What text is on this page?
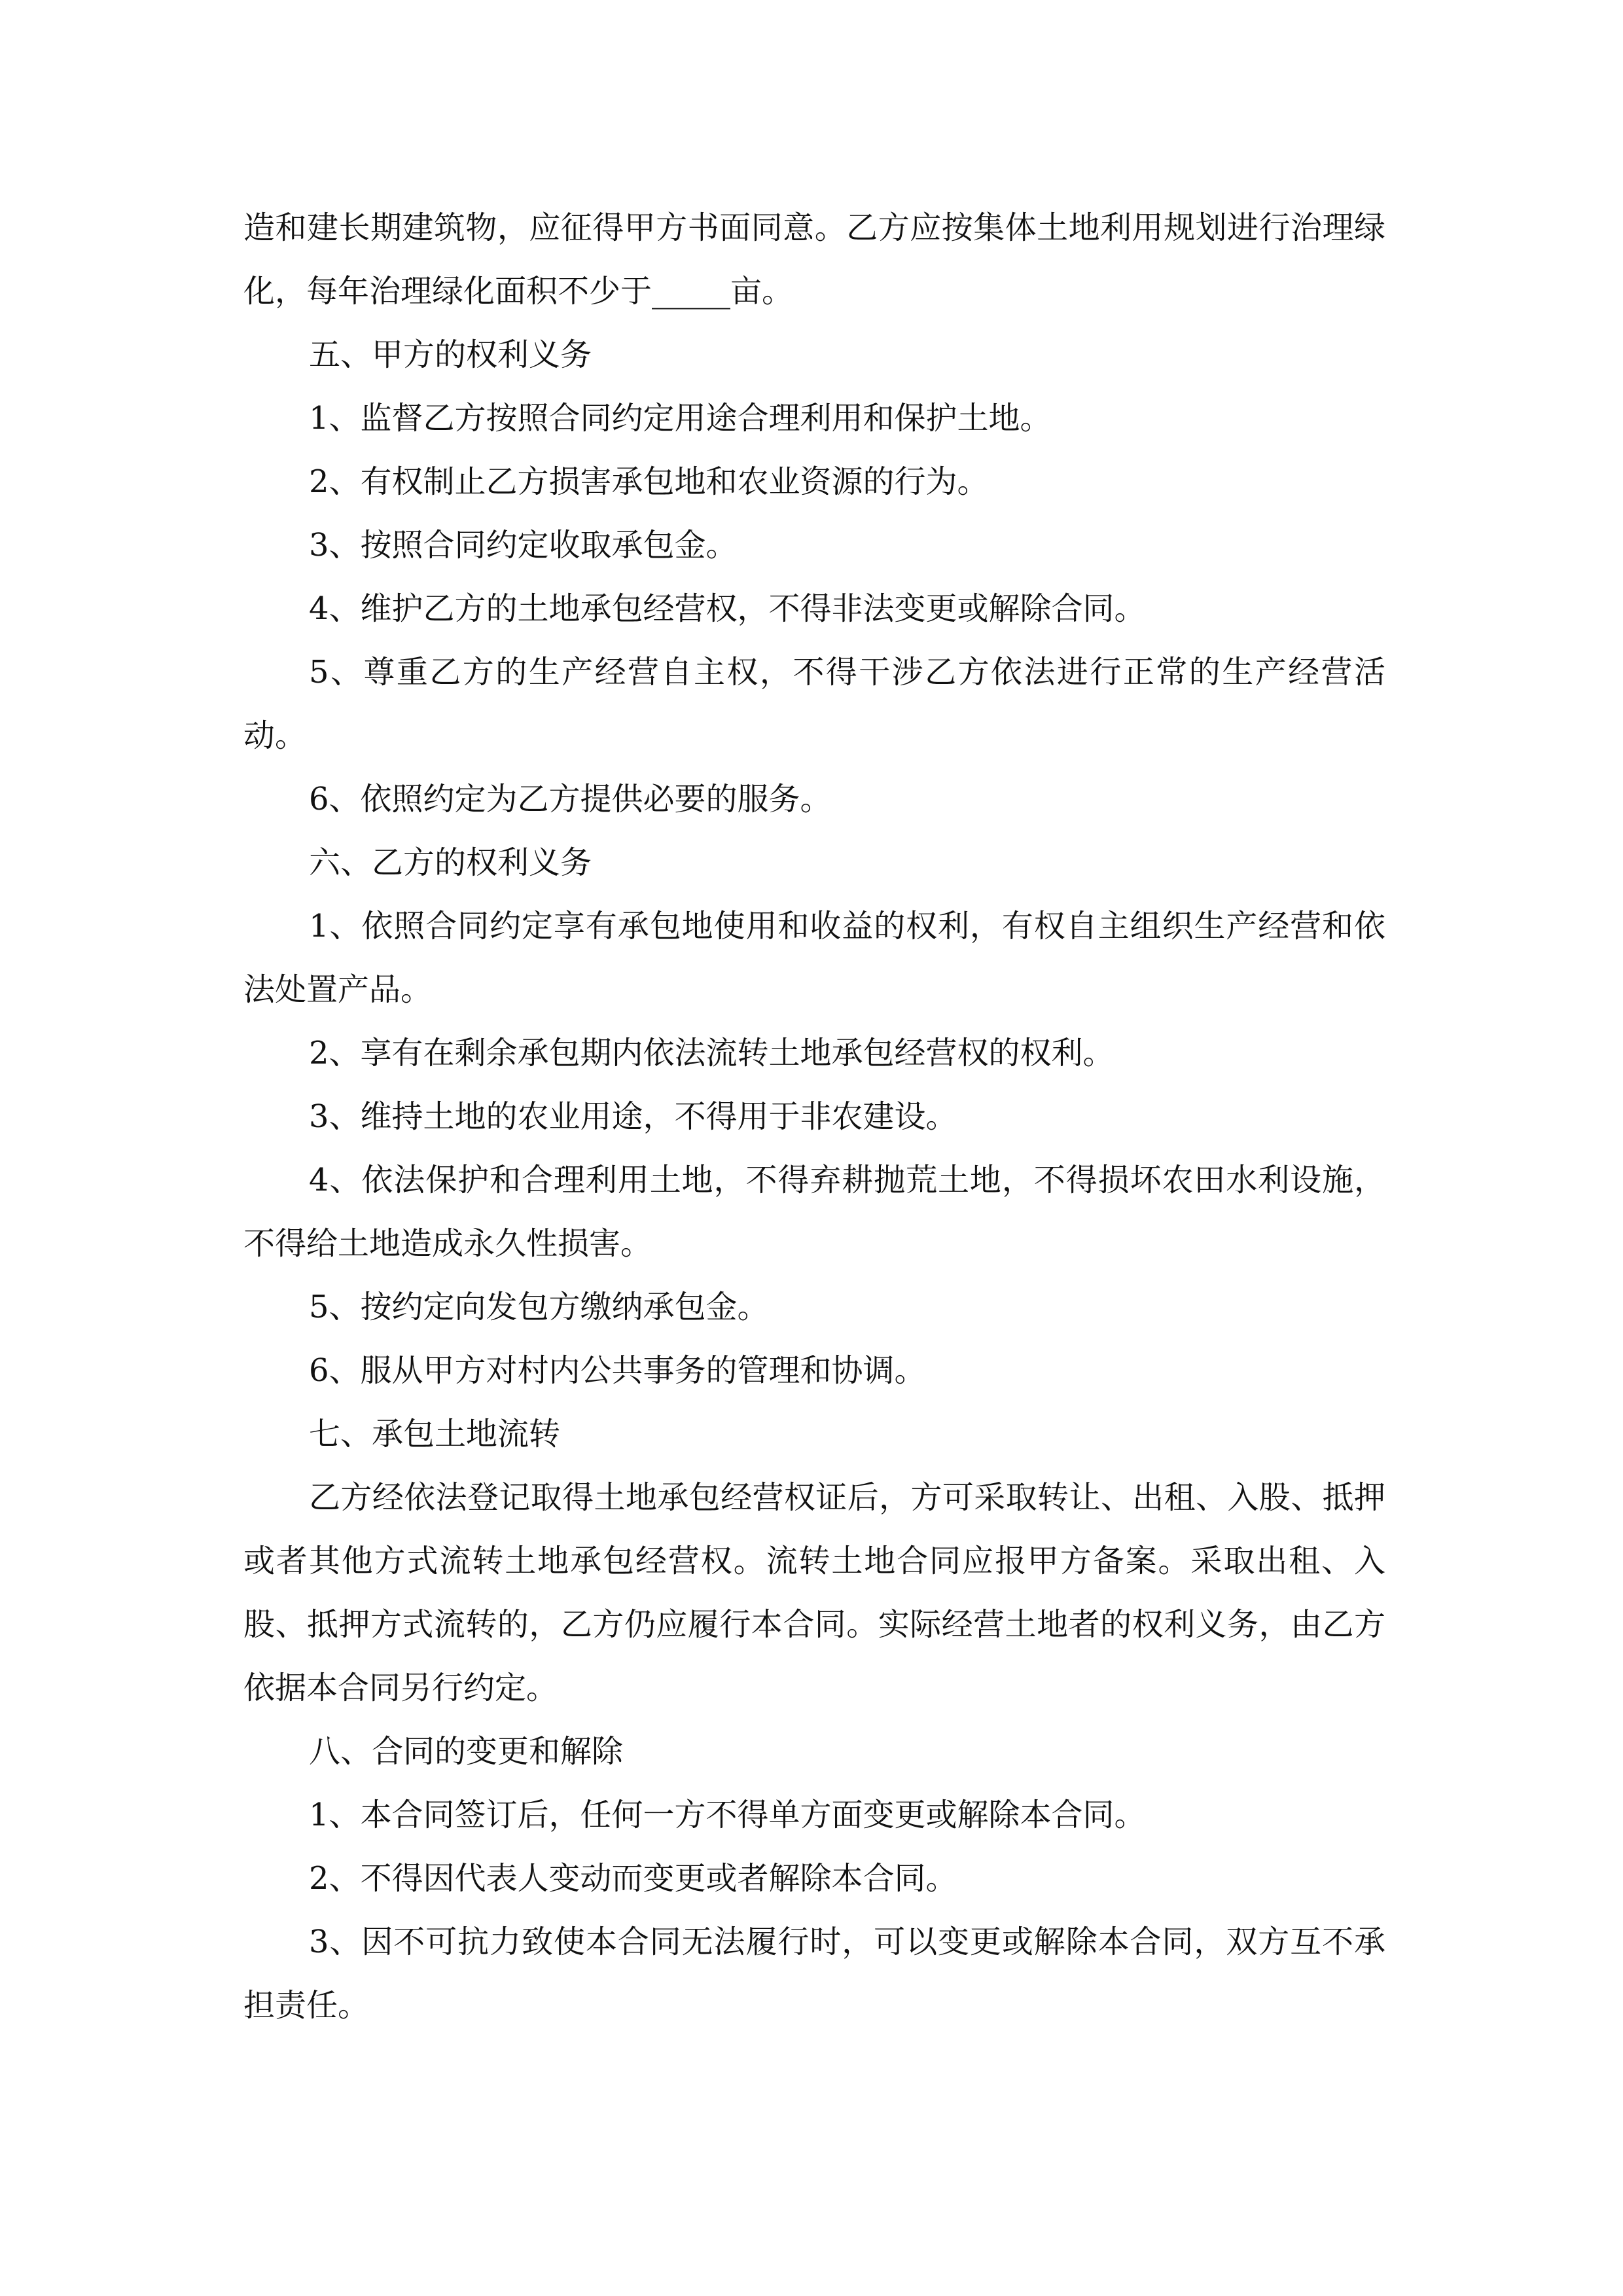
造和建长期建筑物，应征得甲方书面同意。乙方应按集体土地利用规划进行治理绿化，每年治理绿化面积不少于_____亩。

五、甲方的权利义务

1、监督乙方按照合同约定用途合理利用和保护土地。

2、有权制止乙方损害承包地和农业资源的行为。

3、按照合同约定收取承包金。

4、维护乙方的土地承包经营权，不得非法变更或解除合同。

5、尊重乙方的生产经营自主权，不得干涉乙方依法进行正常的生产经营活动。

6、依照约定为乙方提供必要的服务。

六、乙方的权利义务

1、依照合同约定享有承包地使用和收益的权利，有权自主组织生产经营和依法处置产品。

2、享有在剩余承包期内依法流转土地承包经营权的权利。

3、维持土地的农业用途，不得用于非农建设。

4、依法保护和合理利用土地，不得弃耕抛荒土地，不得损坏农田水利设施，不得给土地造成永久性损害。

5、按约定向发包方缴纳承包金。

6、服从甲方对村内公共事务的管理和协调。

七、承包土地流转

乙方经依法登记取得土地承包经营权证后，方可采取转让、出租、入股、抵押或者其他方式流转土地承包经营权。流转土地合同应报甲方备案。采取出租、入股、抵押方式流转的，乙方仍应履行本合同。实际经营土地者的权利义务，由乙方依据本合同另行约定。

八、合同的变更和解除

1、本合同签订后，任何一方不得单方面变更或解除本合同。

2、不得因代表人变动而变更或者解除本合同。

3、因不可抗力致使本合同无法履行时，可以变更或解除本合同，双方互不承担责任。
